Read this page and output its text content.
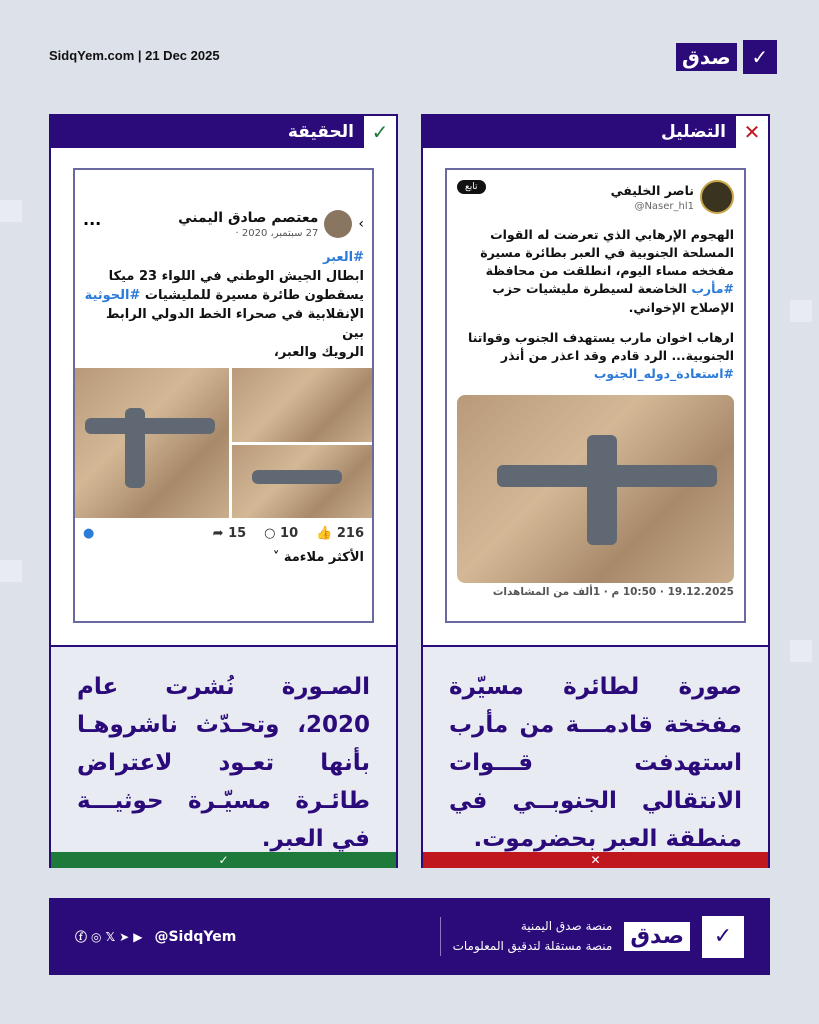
SidqYem.com | 21 Dec 2025	صدق	✓
التضليل ✕
ناصر الخليفي
@Naser_hl1
تابع
الهجوم الإرهابي الذي تعرضت له القوات المسلحة الجنوبية في العبر بطائرة مسيرة مفخخه مساء اليوم، انطلقت من محافظة #مأرب الخاضعة لسيطرة مليشيات حزب الإصلاح الإخواني.
ارهاب اخوان مارب يستهدف الجنوب وقواتنا الجنوبية... الرد قادم وقد اعذر من أنذر
#استعادة_دوله_الجنوب
19.12.2025 · 10:50 م · 1ألف من المشاهدات
صورة لطائرة مسيّرة مفخخة قادمـــة من مأرب استهدفت قـــوات الانتقالي الجنوبــي في منطقة العبر بحضرموت.
✕
الحقيقة ✓
›
معتصم صادق اليمني
27 سبتمبر، 2020 ·
···
#العبر
ابطال الجيش الوطني في اللواء 23 ميكا
يسقطون طائرة مسيرة للمليشيات #الحوثية
الإنقلابية في صحراء الخط الدولي الرابط بين
الرويك والعبر،
216 👍
10 ○
15 ➦
●
الأكثر ملاءمة ˅
الصـورة نُشرت عام 2020، وتحـدّث ناشروهـا بأنها تعـود لاعتراض طائـرة مسيّـرة حوثيـــة في العبر.
✓
ⓕ◎𝕏➤▶ @SidqYem
منصة صدق اليمنية
منصة مستقلة لتدقيق المعلومات صدق	✓
